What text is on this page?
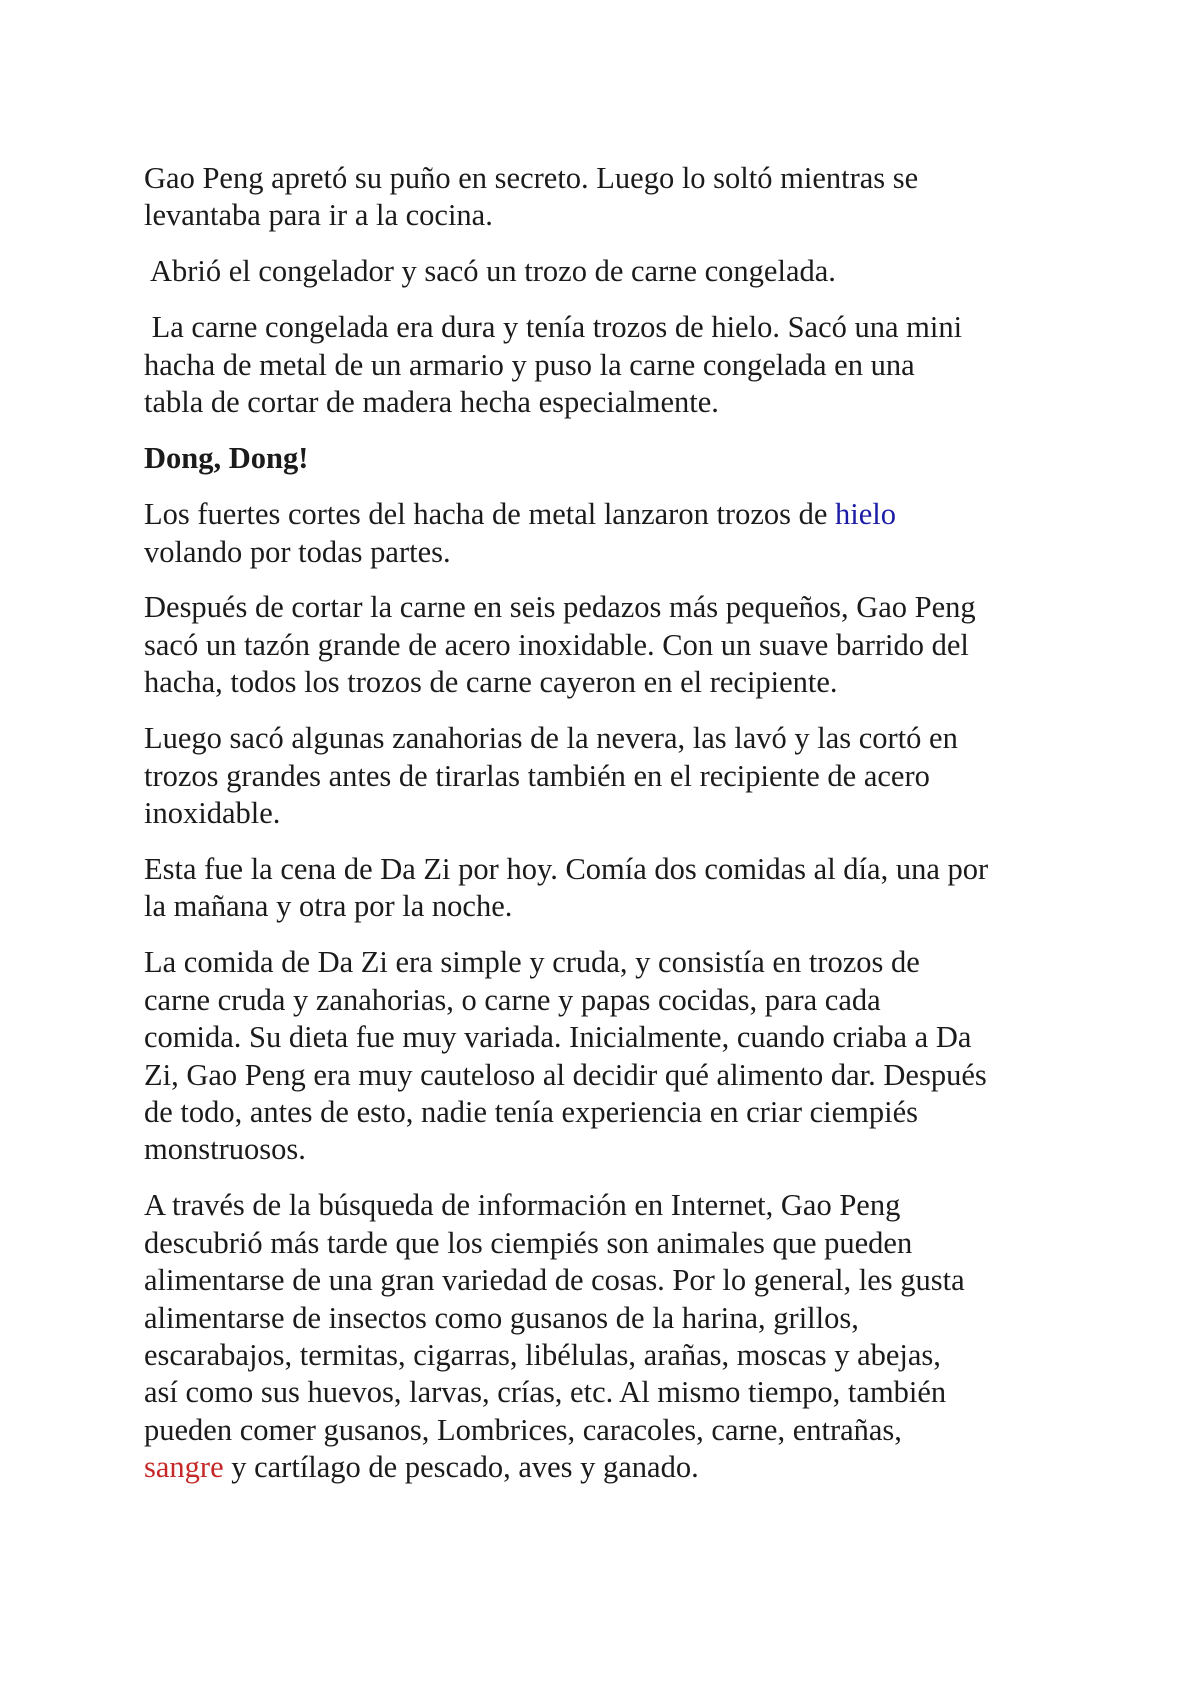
Gao Peng apretó su puño en secreto. Luego lo soltó mientras se
levantaba para ir a la cocina.
Abrió el congelador y sacó un trozo de carne congelada.
La carne congelada era dura y tenía trozos de hielo. Sacó una mini
hacha de metal de un armario y puso la carne congelada en una
tabla de cortar de madera hecha especialmente.
Dong, Dong!
Los fuertes cortes del hacha de metal lanzaron trozos de hielo
volando por todas partes.
Después de cortar la carne en seis pedazos más pequeños, Gao Peng
sacó un tazón grande de acero inoxidable. Con un suave barrido del
hacha, todos los trozos de carne cayeron en el recipiente.
Luego sacó algunas zanahorias de la nevera, las lavó y las cortó en
trozos grandes antes de tirarlas también en el recipiente de acero
inoxidable.
Esta fue la cena de Da Zi por hoy. Comía dos comidas al día, una por
la mañana y otra por la noche.
La comida de Da Zi era simple y cruda, y consistía en trozos de
carne cruda y zanahorias, o carne y papas cocidas, para cada
comida. Su dieta fue muy variada. Inicialmente, cuando criaba a Da
Zi, Gao Peng era muy cauteloso al decidir qué alimento dar. Después
de todo, antes de esto, nadie tenía experiencia en criar ciempiés
monstruosos.
A través de la búsqueda de información en Internet, Gao Peng
descubrió más tarde que los ciempiés son animales que pueden
alimentarse de una gran variedad de cosas. Por lo general, les gusta
alimentarse de insectos como gusanos de la harina, grillos,
escarabajos, termitas, cigarras, libélulas, arañas, moscas y abejas,
así como sus huevos, larvas, crías, etc. Al mismo tiempo, también
pueden comer gusanos, Lombrices, caracoles, carne, entrañas,
sangre y cartílago de pescado, aves y ganado.
